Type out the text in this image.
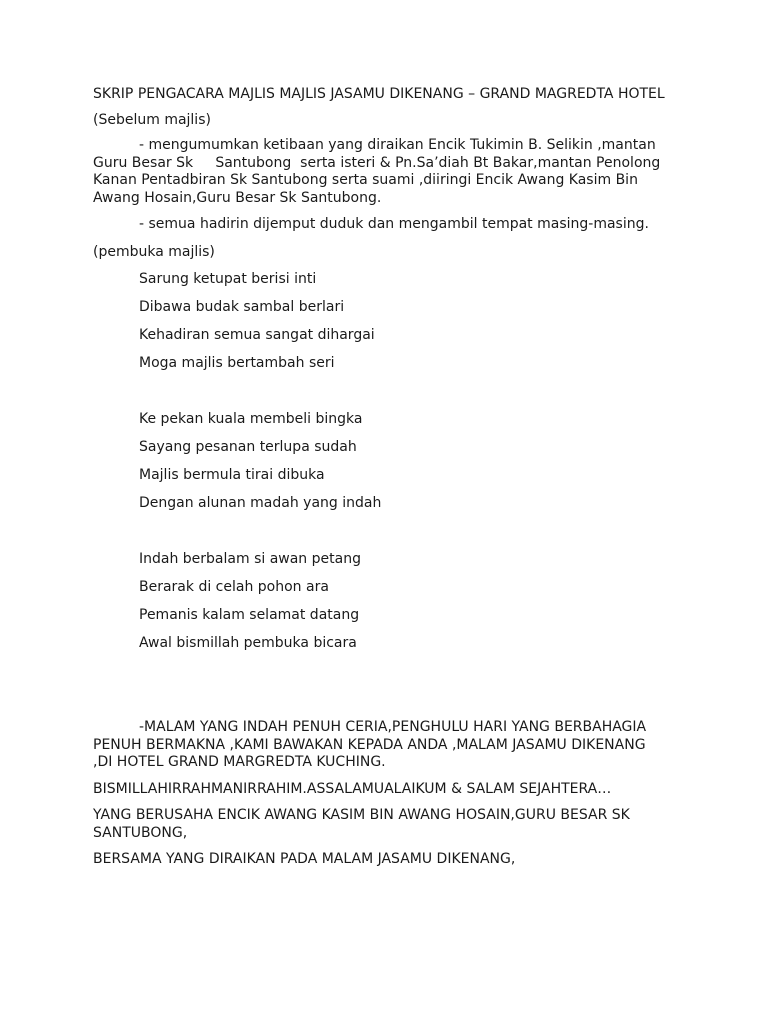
SKRIP PENGACARA MAJLIS MAJLIS JASAMU DIKENANG – GRAND MAGREDTA HOTEL

(Sebelum majlis)

- mengumumkan ketibaan yang diraikan Encik Tukimin B. Selikin ,mantan Guru Besar Sk     Santubong  serta isteri & Pn.Sa’diah Bt Bakar,mantan Penolong Kanan Pentadbiran Sk Santubong serta suami ,diiringi Encik Awang Kasim Bin Awang Hosain,Guru Besar Sk Santubong.

- semua hadirin dijemput duduk dan mengambil tempat masing-masing.

(pembuka majlis)

Sarung ketupat berisi inti

Dibawa budak sambal berlari

Kehadiran semua sangat dihargai

Moga majlis bertambah seri

Ke pekan kuala membeli bingka

Sayang pesanan terlupa sudah

Majlis bermula tirai dibuka

Dengan alunan madah yang indah

Indah berbalam si awan petang

Berarak di celah pohon ara

Pemanis kalam selamat datang

Awal bismillah pembuka bicara

-MALAM YANG INDAH PENUH CERIA,PENGHULU HARI YANG BERBAHAGIA PENUH BERMAKNA ,KAMI BAWAKAN KEPADA ANDA ,MALAM JASAMU DIKENANG ,DI HOTEL GRAND MARGREDTA KUCHING.

BISMILLAHIRRAHMANIRRAHIM.ASSALAMUALAIKUM & SALAM SEJAHTERA…

YANG BERUSAHA ENCIK AWANG KASIM BIN AWANG HOSAIN,GURU BESAR SK SANTUBONG,

BERSAMA YANG DIRAIKAN PADA MALAM JASAMU DIKENANG,
